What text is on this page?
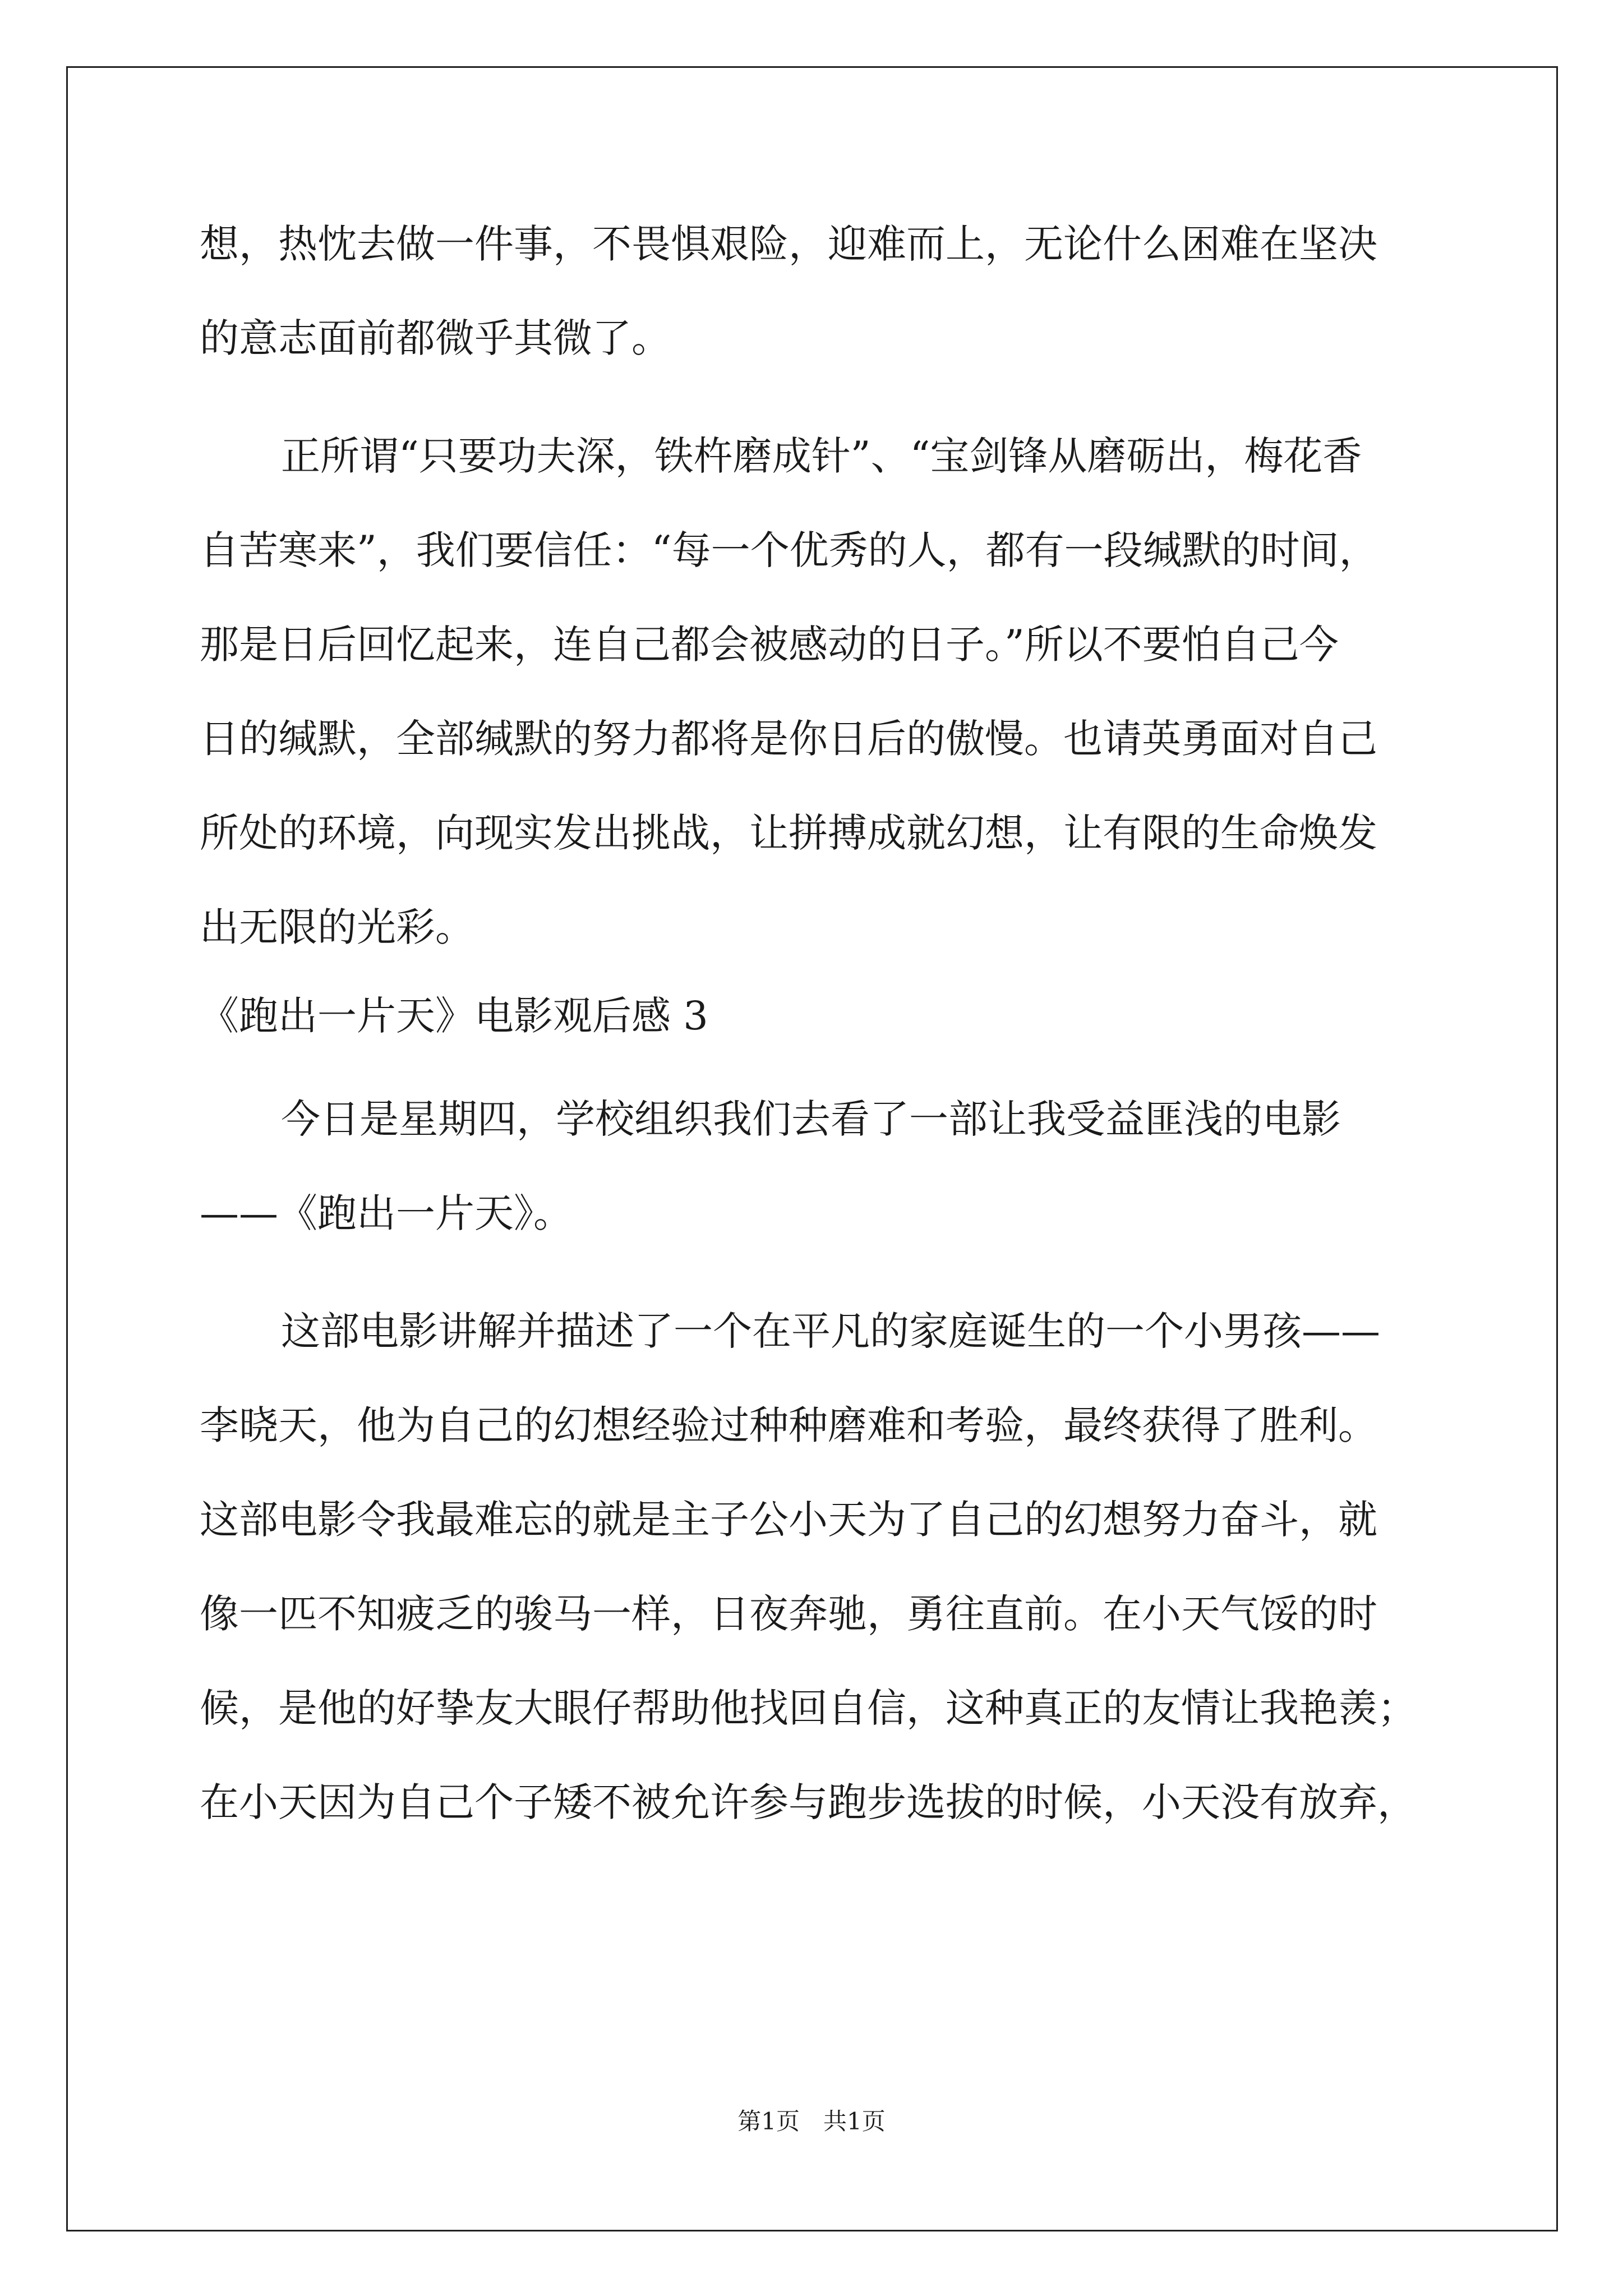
想，热忱去做一件事，不畏惧艰险，迎难而上，无论什么困难在坚决
的意志面前都微乎其微了。
正所谓“只要功夫深，铁杵磨成针”、“宝剑锋从磨砺出，梅花香
自苦寒来”，我们要信任：“每一个优秀的人，都有一段缄默的时间，
那是日后回忆起来，连自己都会被感动的日子。”所以不要怕自己今
日的缄默，全部缄默的努力都将是你日后的傲慢。也请英勇面对自己
所处的环境，向现实发出挑战，让拼搏成就幻想，让有限的生命焕发
出无限的光彩。
《跑出一片天》电影观后感 3
今日是星期四，学校组织我们去看了一部让我受益匪浅的电影
——《跑出一片天》。
这部电影讲解并描述了一个在平凡的家庭诞生的一个小男孩——
李晓天，他为自己的幻想经验过种种磨难和考验，最终获得了胜利。
这部电影令我最难忘的就是主子公小天为了自己的幻想努力奋斗，就
像一匹不知疲乏的骏马一样，日夜奔驰，勇往直前。在小天气馁的时
候，是他的好挚友大眼仔帮助他找回自信，这种真正的友情让我艳羡；
在小天因为自己个子矮不被允许参与跑步选拔的时候，小天没有放弃，
第1页　共1页
